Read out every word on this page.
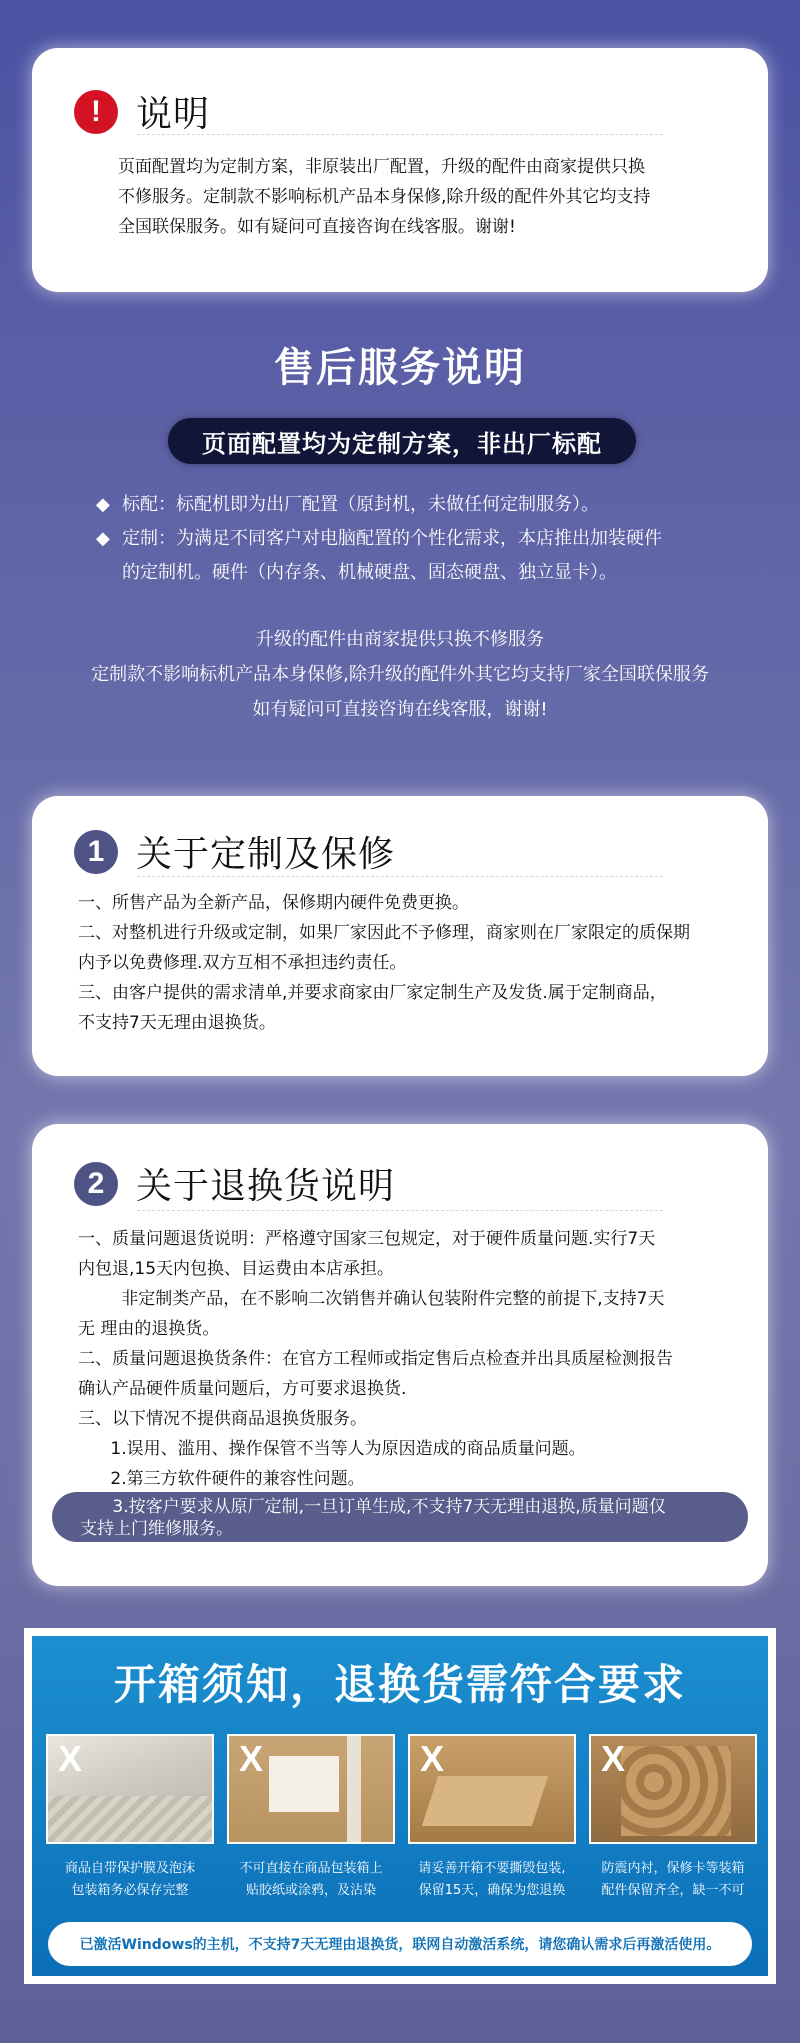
! 说明

页面配置均为定制方案，非原装出厂配置，升级的配件由商家提供只换

不修服务。定制款不影响标机产品本身保修,除升级的配件外其它均支持

全国联保服务。如有疑问可直接咨询在线客服。谢谢!

售后服务说明
页面配置均为定制方案，非出厂标配
◆ 标配：标配机即为出厂配置（原封机，未做任何定制服务）。
◆ 定制：为满足不同客户对电脑配置的个性化需求，本店推出加装硬件
的定制机。硬件（内存条、机械硬盘、固态硬盘、独立显卡）。

升级的配件由商家提供只换不修服务

定制款不影响标机产品本身保修,除升级的配件外其它均支持厂家全国联保服务

如有疑问可直接咨询在线客服，谢谢!

1 关于定制及保修

一、所售产品为全新产品，保修期内硬件免费更换。

二、对整机进行升级或定制，如果厂家因此不予修理，商家则在厂家限定的质保期

内予以免费修理.双方互相不承担违约责任。

三、由客户提供的需求清单,并要求商家由厂家定制生产及发货.属于定制商品，

不支持7天无理由退换货。

2 关于退换货说明

一、质量问题退货说明：严格遵守国家三包规定，对于硬件质量问题.实行7天

内包退,15天内包换、目运费由本店承担。

非定制类产品，在不影响二次销售并确认包装附件完整的前提下,支持7天

无 理由的退换货。

二、质量问题退换货条件：在官方工程师或指定售后点检查并出具质屋检测报告

确认产品硬件质量问题后，方可要求退换货.

三、以下情况不提供商品退换货服务。

1.误用、滥用、操作保管不当等人为原因造成的商品质量问题。

2.第三方软件硬件的兼容性问题。

3.按客户要求从原厂定制,一旦订单生成,不支持7天无理由退换,质量问题仅
支持上门维修服务。
开箱须知，退换货需符合要求
X	X	X	X
商品自带保护膜及泡沫
包装箱务必保存完整
不可直接在商品包装箱上
贴胶纸或涂鸦，及沾染
请妥善开箱不要撕毁包装,
保留15天，确保为您退换
防震内衬，保修卡等装箱
配件保留齐全，缺一不可
已激活Windows的主机，不支持7天无理由退换货，联网自动激活系统，请您确认需求后再激活使用。
